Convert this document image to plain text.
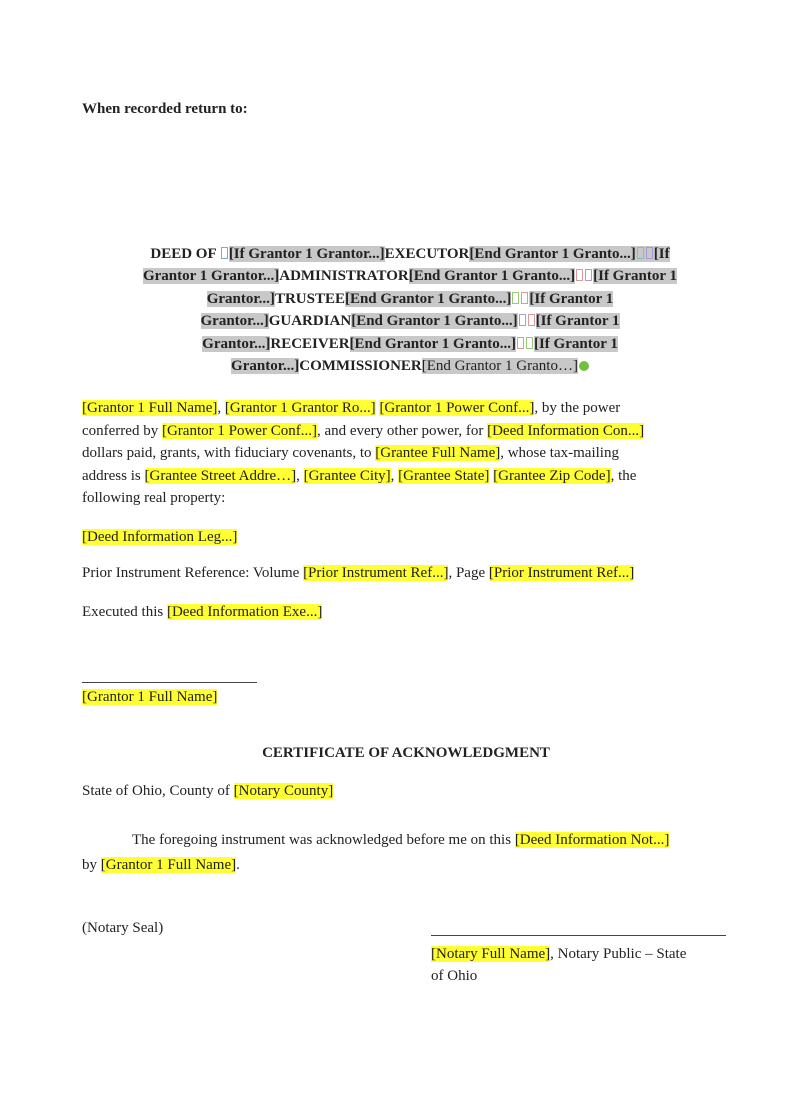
When recorded return to:
DEED OF [If Grantor 1 Grantor...]EXECUTOR[End Grantor 1 Granto...] [If
Grantor 1 Grantor...]ADMINISTRATOR[End Grantor 1 Granto...] [If Grantor 1
Grantor...]TRUSTEE[End Grantor 1 Granto...] [If Grantor 1
Grantor...]GUARDIAN[End Grantor 1 Granto...] [If Grantor 1
Grantor...]RECEIVER[End Grantor 1 Granto...] [If Grantor 1
Grantor...]COMMISSIONER[End Grantor 1 Granto…]
[Grantor 1 Full Name], [Grantor 1 Grantor Ro...] [Grantor 1 Power Conf...], by the power
conferred by [Grantor 1 Power Conf...], and every other power, for [Deed Information Con...]
dollars paid, grants, with fiduciary covenants, to [Grantee Full Name], whose tax-mailing
address is [Grantee Street Addre…], [Grantee City], [Grantee State] [Grantee Zip Code], the
following real property:
[Deed Information Leg...]
Prior Instrument Reference: Volume [Prior Instrument Ref...], Page [Prior Instrument Ref...]
Executed this [Deed Information Exe...]
[Grantor 1 Full Name]
CERTIFICATE OF ACKNOWLEDGMENT
State of Ohio, County of [Notary County]
The foregoing instrument was acknowledged before me on this [Deed Information Not...]
by [Grantor 1 Full Name].
(Notary Seal)
[Notary Full Name], Notary Public – State
of Ohio
